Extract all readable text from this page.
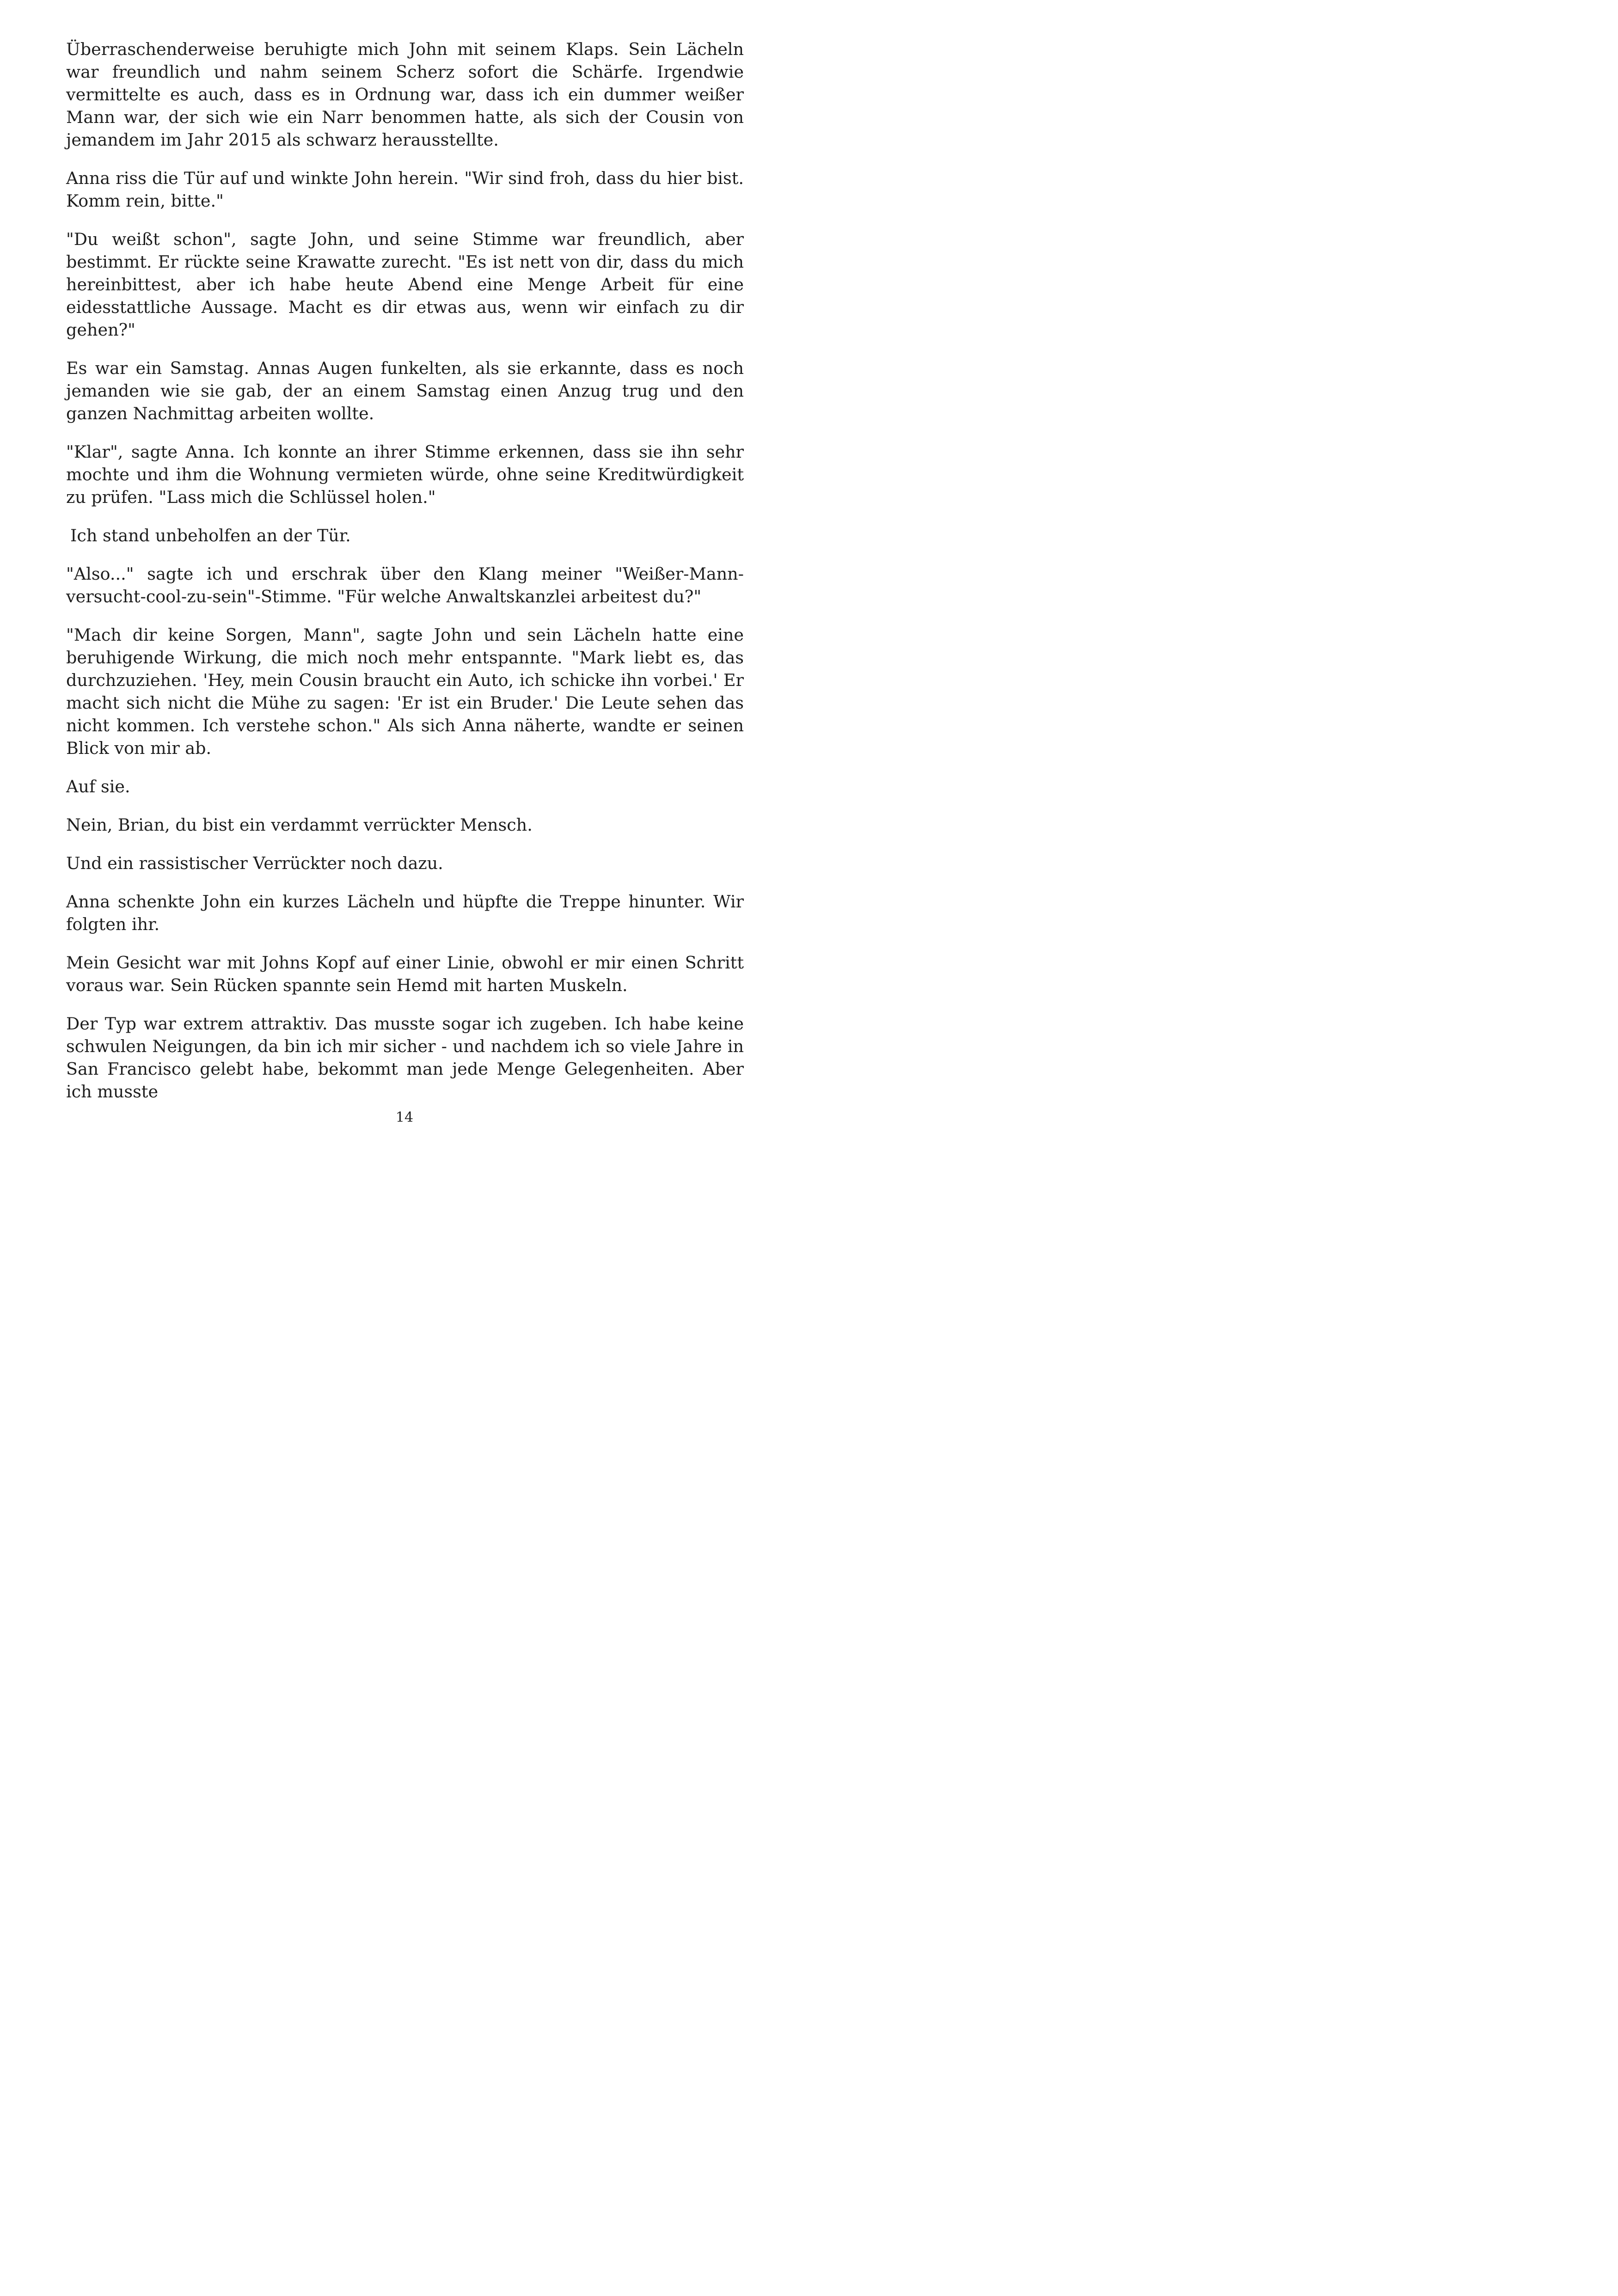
Überraschenderweise beruhigte mich John mit seinem Klaps. Sein Lächeln war freundlich und nahm seinem Scherz sofort die Schärfe. Irgendwie vermittelte es auch, dass es in Ordnung war, dass ich ein dummer weißer Mann war, der sich wie ein Narr benommen hatte, als sich der Cousin von jemandem im Jahr 2015 als schwarz herausstellte.

Anna riss die Tür auf und winkte John herein. "Wir sind froh, dass du hier bist. Komm rein, bitte."

"Du weißt schon", sagte John, und seine Stimme war freundlich, aber bestimmt. Er rückte seine Krawatte zurecht. "Es ist nett von dir, dass du mich hereinbittest, aber ich habe heute Abend eine Menge Arbeit für eine eidesstattliche Aussage. Macht es dir etwas aus, wenn wir einfach zu dir gehen?"

Es war ein Samstag. Annas Augen funkelten, als sie erkannte, dass es noch jemanden wie sie gab, der an einem Samstag einen Anzug trug und den ganzen Nachmittag arbeiten wollte.

"Klar", sagte Anna. Ich konnte an ihrer Stimme erkennen, dass sie ihn sehr mochte und ihm die Wohnung vermieten würde, ohne seine Kreditwürdigkeit zu prüfen. "Lass mich die Schlüssel holen."

Ich stand unbeholfen an der Tür.

"Also..." sagte ich und erschrak über den Klang meiner "Weißer-Mann-versucht-cool-zu-sein"-Stimme. "Für welche Anwaltskanzlei arbeitest du?"

"Mach dir keine Sorgen, Mann", sagte John und sein Lächeln hatte eine beruhigende Wirkung, die mich noch mehr entspannte. "Mark liebt es, das durchzuziehen. 'Hey, mein Cousin braucht ein Auto, ich schicke ihn vorbei.' Er macht sich nicht die Mühe zu sagen: 'Er ist ein Bruder.' Die Leute sehen das nicht kommen. Ich verstehe schon." Als sich Anna näherte, wandte er seinen Blick von mir ab.

Auf sie.

Nein, Brian, du bist ein verdammt verrückter Mensch.

Und ein rassistischer Verrückter noch dazu.

Anna schenkte John ein kurzes Lächeln und hüpfte die Treppe hinunter. Wir folgten ihr.

Mein Gesicht war mit Johns Kopf auf einer Linie, obwohl er mir einen Schritt voraus war. Sein Rücken spannte sein Hemd mit harten Muskeln.

Der Typ war extrem attraktiv. Das musste sogar ich zugeben. Ich habe keine schwulen Neigungen, da bin ich mir sicher - und nachdem ich so viele Jahre in San Francisco gelebt habe, bekommt man jede Menge Gelegenheiten. Aber ich musste

14
